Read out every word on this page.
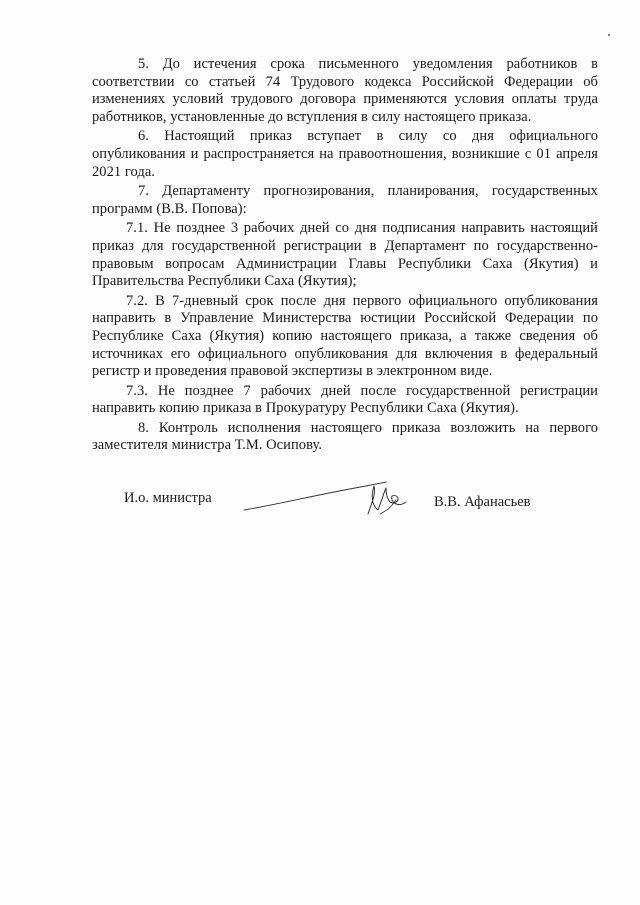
5. До истечения срока письменного уведомления работников в соответствии со статьей 74 Трудового кодекса Российской Федерации об изменениях условий трудового договора применяются условия оплаты труда работников, установленные до вступления в силу настоящего приказа.

6. Настоящий приказ вступает в силу со дня официального опубликования и распространяется на правоотношения, возникшие с 01 апреля 2021 года.

7. Департаменту прогнозирования, планирования, государственных программ (В.В. Попова):

7.1. Не позднее 3 рабочих дней со дня подписания направить настоящий приказ для государственной регистрации в Департамент по государственно-правовым вопросам Администрации Главы Республики Саха (Якутия) и Правительства Республики Саха (Якутия);

7.2. В 7-дневный срок после дня первого официального опубликования направить в Управление Министерства юстиции Российской Федерации по Республике Саха (Якутия) копию настоящего приказа, а также сведения об источниках его официального опубликования для включения в федеральный регистр и проведения правовой экспертизы в электронном виде.

7.3. Не позднее 7 рабочих дней после государственной регистрации направить копию приказа в Прокуратуру Республики Саха (Якутия).

8. Контроль исполнения настоящего приказа возложить на первого заместителя министра Т.М. Осипову.

И.о. министра	В.В. Афанасьев
